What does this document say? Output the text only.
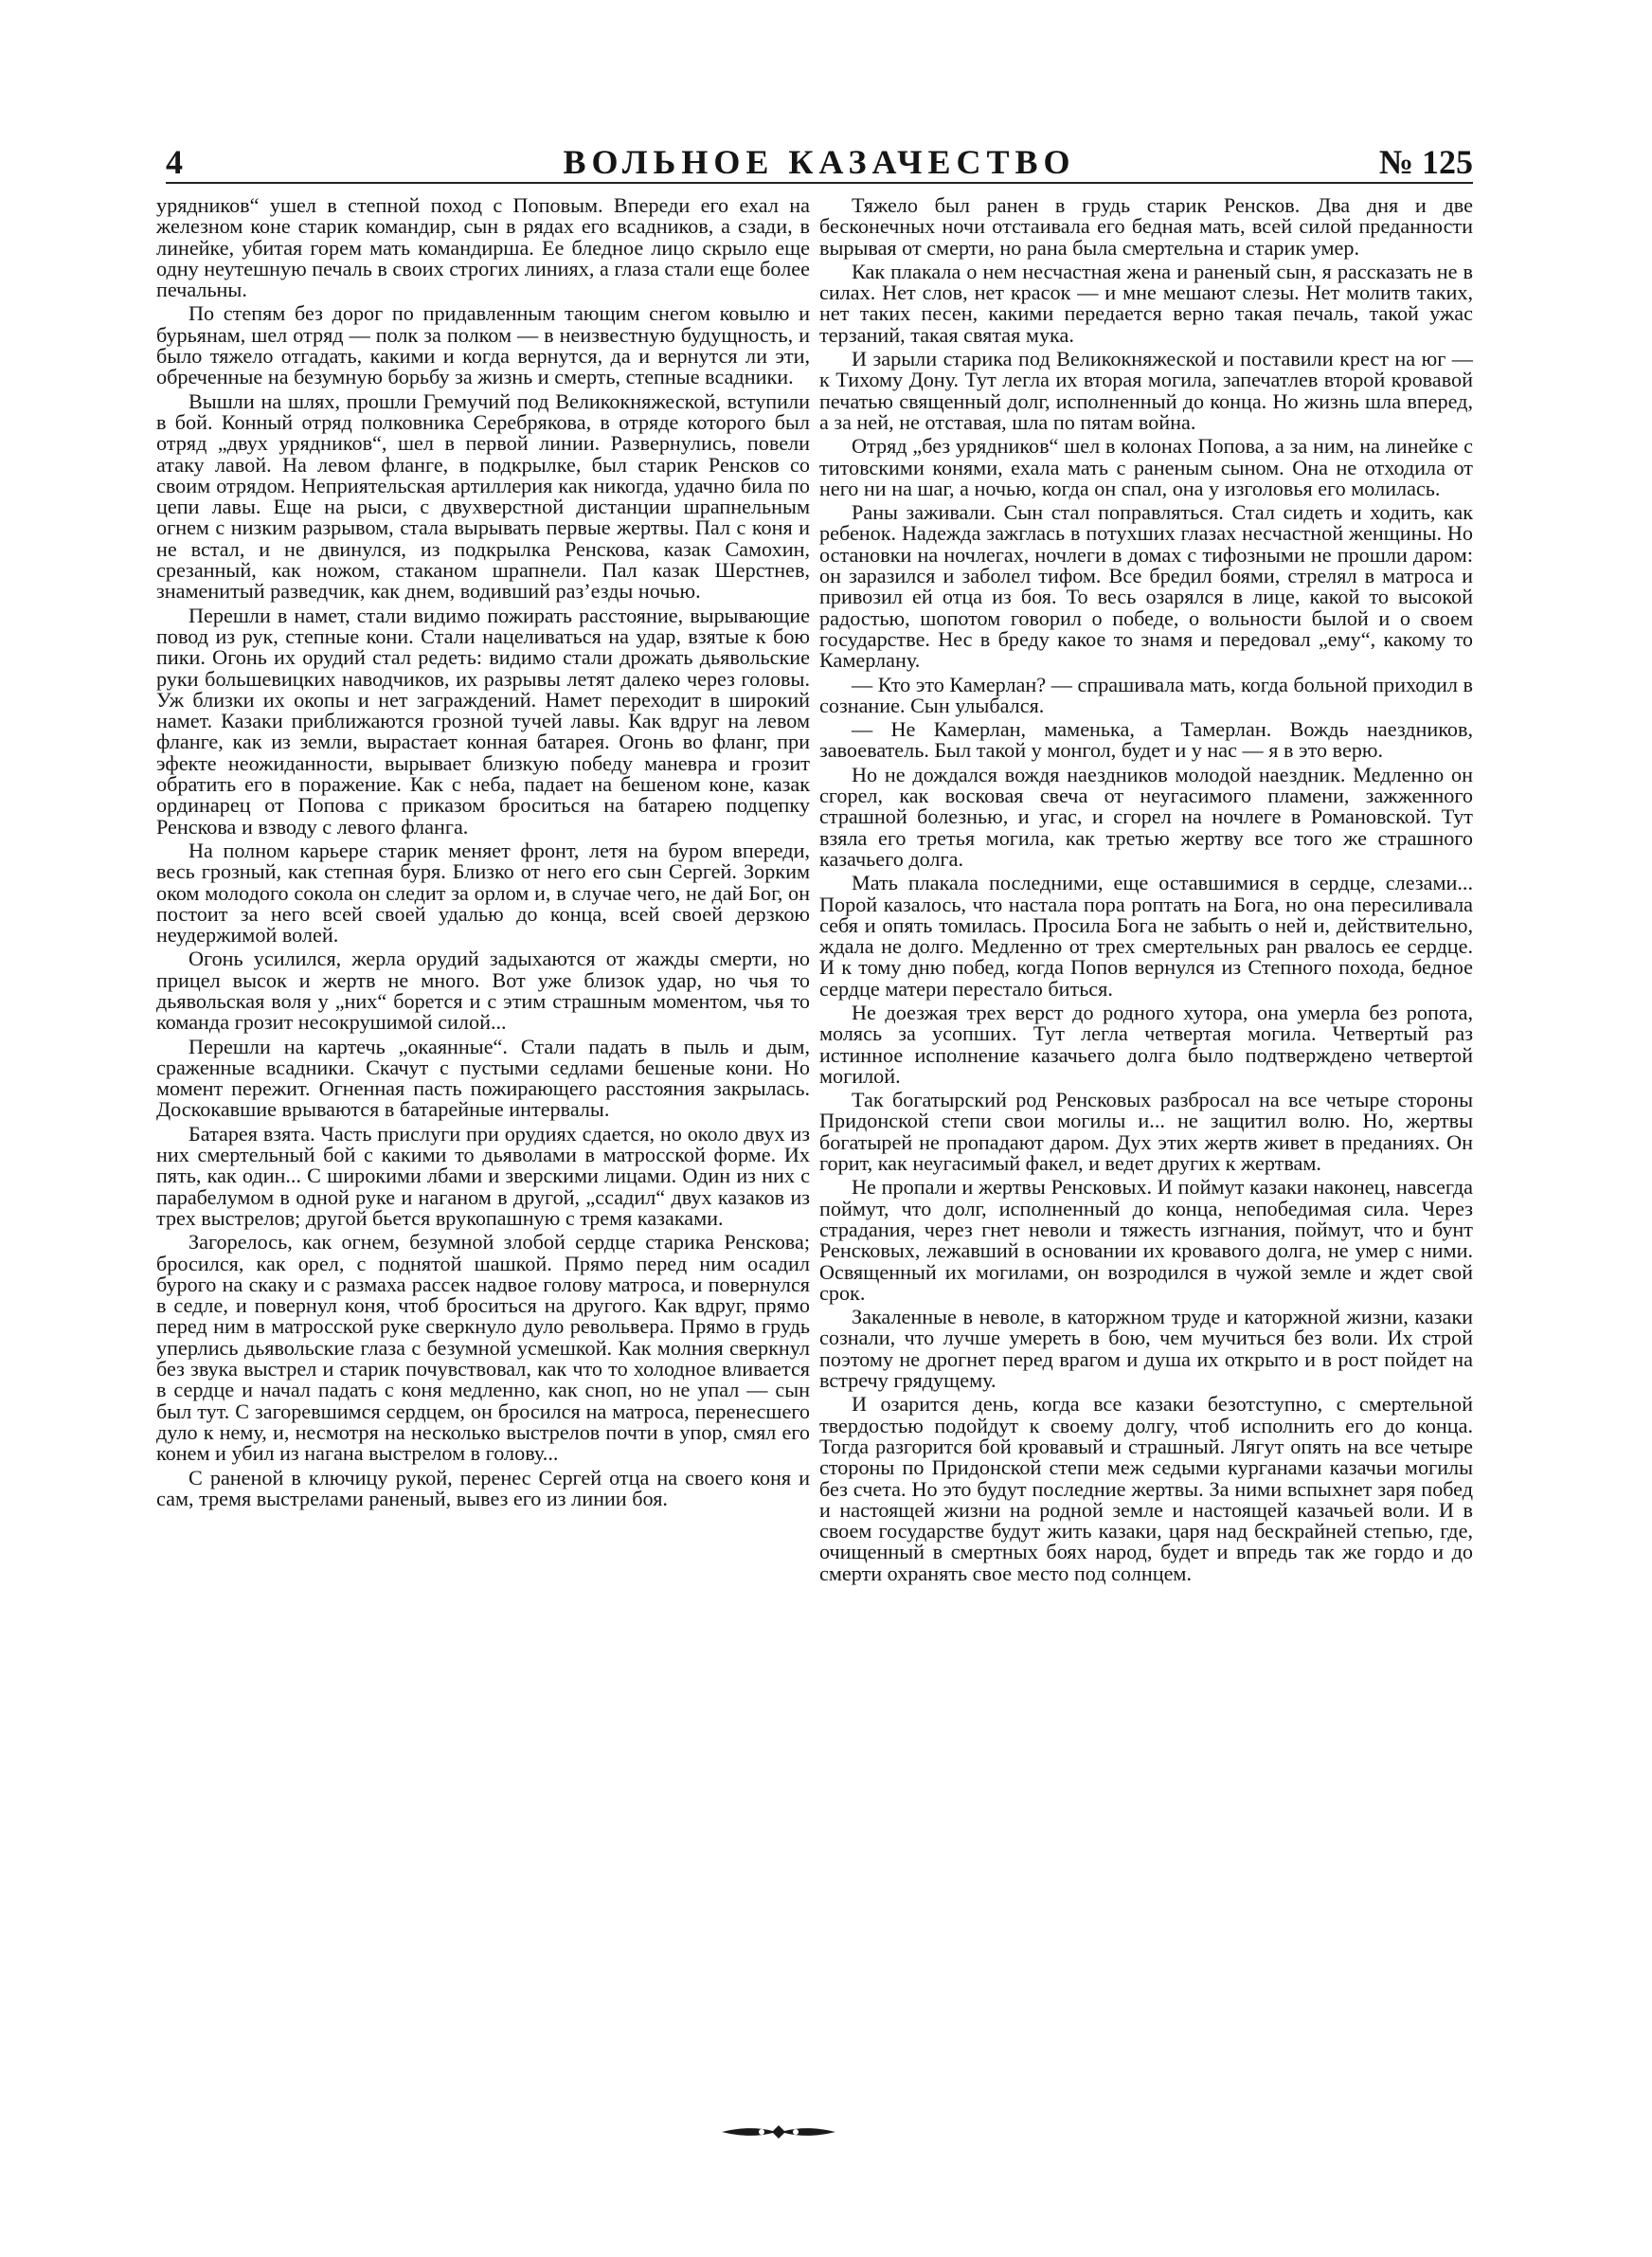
4	ВОЛЬНОЕ КАЗАЧЕСТВО	№ 125

урядников“ ушел в степной поход с Поповым. Впереди его ехал на железном коне старик командир, сын в рядах его всадников, а сзади, в линейке, убитая горем мать командирша. Ее бледное лицо скрыло еще одну неутешную печаль в своих строгих линиях, а глаза стали еще более печальны.

По степям без дорог по придавленным тающим снегом ковылю и бурьянам, шел отряд — полк за полком — в неизвестную будущность, и было тяжело отгадать, какими и когда вернутся, да и вернутся ли эти, обреченные на безумную борьбу за жизнь и смерть, степные всадники.

Вышли на шлях, прошли Гремучий под Великокняжеской, вступили в бой. Конный отряд полковника Серебрякова, в отряде которого был отряд „двух урядников“, шел в первой линии. Развернулись, повели атаку лавой. На левом фланге, в подкрылке, был старик Ренсков со своим отрядом. Неприятельская артиллерия как никогда, удачно била по цепи лавы. Еще на рыси, с двухверстной дистанции шрапнельным огнем с низким разрывом, стала вырывать первые жертвы. Пал с коня и не встал, и не двинулся, из подкрылка Ренскова, казак Самохин, срезанный, как ножом, стаканом шрапнели. Пал казак Шерстнев, знаменитый разведчик, как днем, водивший раз’езды ночью.

Перешли в намет, стали видимо пожирать расстояние, вырывающие повод из рук, степные кони. Стали нацеливаться на удар, взятые к бою пики. Огонь их орудий стал редеть: видимо стали дрожать дьявольские руки большевицких наводчиков, их разрывы летят далеко через головы. Уж близки их окопы и нет заграждений. Намет переходит в широкий намет. Казаки приближаются грозной тучей лавы. Как вдруг на левом фланге, как из земли, вырастает конная батарея. Огонь во фланг, при эфекте неожиданности, вырывает близкую победу маневра и грозит обратить его в поражение. Как с неба, падает на бешеном коне, казак ординарец от Попова с приказом броситься на батарею подцепку Ренскова и взводу с левого фланга.

На полном карьере старик меняет фронт, летя на буром впереди, весь грозный, как степная буря. Близко от него его сын Сергей. Зорким оком молодого сокола он следит за орлом и, в случае чего, не дай Бог, он постоит за него всей своей удалью до конца, всей своей дерзкою неудержимой волей.

Огонь усилился, жерла орудий задыхаются от жажды смерти, но прицел высок и жертв не много. Вот уже близок удар, но чья то дьявольская воля у „них“ борется и с этим страшным моментом, чья то команда грозит несокрушимой силой...

Перешли на картечь „окаянные“. Стали падать в пыль и дым, сраженные всадники. Скачут с пустыми седлами бешеные кони. Но момент пережит. Огненная пасть пожирающего расстояния закрылась. Доскокавшие врываются в батарейные интервалы.

Батарея взята. Часть прислуги при орудиях сдается, но около двух из них смертельный бой с какими то дьяволами в матросской форме. Их пять, как один... С широкими лбами и зверскими лицами. Один из них с парабелумом в одной руке и наганом в другой, „ссадил“ двух казаков из трех выстрелов; другой бьется врукопашную с тремя казаками.

Загорелось, как огнем, безумной злобой сердце старика Ренскова; бросился, как орел, с поднятой шашкой. Прямо перед ним осадил бурого на скаку и с размаха рассек надвое голову матроса, и повернулся в седле, и повернул коня, чтоб броситься на другого. Как вдруг, прямо перед ним в матросской руке сверкнуло дуло револьвера. Прямо в грудь уперлись дьявольские глаза с безумной усмешкой. Как молния сверкнул без звука выстрел и старик почувствовал, как что то холодное вливается в сердце и начал падать с коня медленно, как сноп, но не упал — сын был тут. С загоревшимся сердцем, он бросился на матроса, перенесшего дуло к нему, и, несмотря на несколько выстрелов почти в упор, смял его конем и убил из нагана выстрелом в голову...

С раненой в ключицу рукой, перенес Сергей отца на своего коня и сам, тремя выстрелами раненый, вывез его из линии боя.

Тяжело был ранен в грудь старик Ренсков. Два дня и две бесконечных ночи отстаивала его бедная мать, всей силой преданности вырывая от смерти, но рана была смертельна и старик умер.

Как плакала о нем несчастная жена и раненый сын, я рассказать не в силах. Нет слов, нет красок — и мне мешают слезы. Нет молитв таких, нет таких песен, какими передается верно такая печаль, такой ужас терзаний, такая святая мука.

И зарыли старика под Великокняжеской и поставили крест на юг — к Тихому Дону. Тут легла их вторая могила, запечатлев второй кровавой печатью священный долг, исполненный до конца. Но жизнь шла вперед, а за ней, не отставая, шла по пятам война.

Отряд „без урядников“ шел в колонах Попова, а за ним, на линейке с титовскими конями, ехала мать с раненым сыном. Она не отходила от него ни на шаг, а ночью, когда он спал, она у изголовья его молилась.

Раны заживали. Сын стал поправляться. Стал сидеть и ходить, как ребенок. Надежда зажглась в потухших глазах несчастной женщины. Но остановки на ночлегах, ночлеги в домах с тифозными не прошли даром: он заразился и заболел тифом. Все бредил боями, стрелял в матроса и привозил ей отца из боя. То весь озарялся в лице, какой то высокой радостью, шопотом говорил о победе, о вольности былой и о своем государстве. Нес в бреду какое то знамя и передовал „ему“, какому то Камерлану.

— Кто это Камерлан? — спрашивала мать, когда больной приходил в сознание. Сын улыбался.

— Не Камерлан, маменька, а Тамерлан. Вождь наездников, завоеватель. Был такой у монгол, будет и у нас — я в это верю.

Но не дождался вождя наездников молодой наездник. Медленно он сгорел, как восковая свеча от неугасимого пламени, зажженного страшной болезнью, и угас, и сгорел на ночлеге в Романовской. Тут взяла его третья могила, как третью жертву все того же страшного казачьего долга.

Мать плакала последними, еще оставшимися в сердце, слезами... Порой казалось, что настала пора роптать на Бога, но она пересиливала себя и опять томилась. Просила Бога не забыть о ней и, действительно, ждала не долго. Медленно от трех смертельных ран рвалось ее сердце. И к тому дню побед, когда Попов вернулся из Степного похода, бедное сердце матери перестало биться.

Не доезжая трех верст до родного хутора, она умерла без ропота, молясь за усопших. Тут легла четвертая могила. Четвертый раз истинное исполнение казачьего долга было подтверждено четвертой могилой.

Так богатырский род Ренсковых разбросал на все четыре стороны Придонской степи свои могилы и... не защитил волю. Но, жертвы богатырей не пропадают даром. Дух этих жертв живет в преданиях. Он горит, как неугасимый факел, и ведет других к жертвам.

Не пропали и жертвы Ренсковых. И поймут казаки наконец, навсегда поймут, что долг, исполненный до конца, непобедимая сила. Через страдания, через гнет неволи и тяжесть изгнания, поймут, что и бунт Ренсковых, лежавший в основании их кровавого долга, не умер с ними. Освященный их могилами, он возродился в чужой земле и ждет свой срок.

Закаленные в неволе, в каторжном труде и каторжной жизни, казаки сознали, что лучше умереть в бою, чем мучиться без воли. Их строй поэтому не дрогнет перед врагом и душа их открыто и в рост пойдет на встречу грядущему.

И озарится день, когда все казаки безотступно, с смертельной твердостью подойдут к своему долгу, чтоб исполнить его до конца. Тогда разгорится бой кровавый и страшный. Лягут опять на все четыре стороны по Придонской степи меж седыми курганами казачьи могилы без счета. Но это будут последние жертвы. За ними вспыхнет заря побед и настоящей жизни на родной земле и настоящей казачьей воли. И в своем государстве будут жить казаки, царя над бескрайней степью, где, очищенный в смертных боях народ, будет и впредь так же гордо и до смерти охранять свое место под солнцем.
